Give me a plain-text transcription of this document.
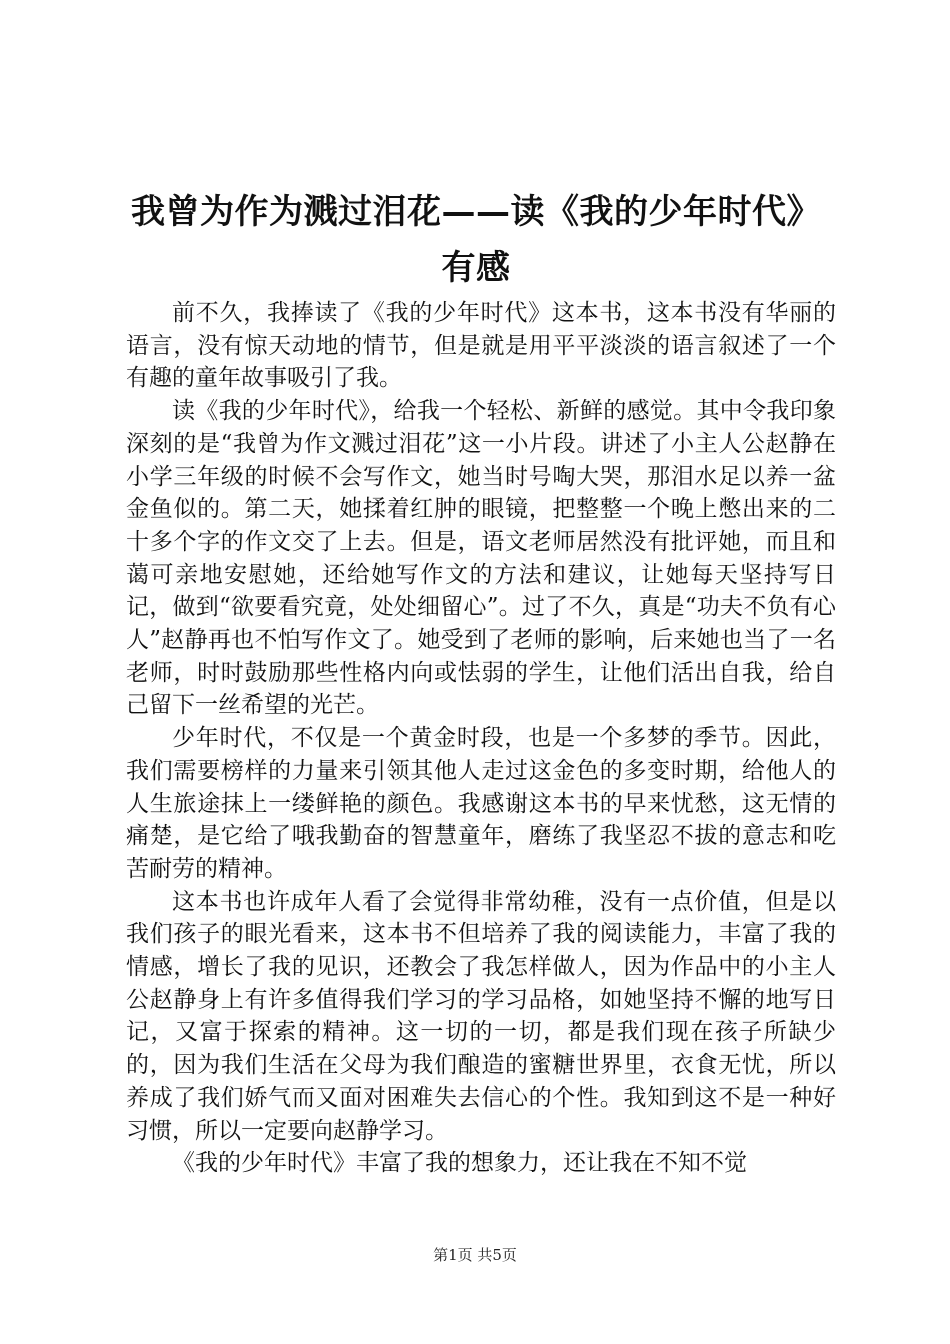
我曾为作为溅过泪花——读《我的少年时代》
有感

前不久，我捧读了《我的少年时代》这本书，这本书没有华丽的语言，没有惊天动地的情节，但是就是用平平淡淡的语言叙述了一个有趣的童年故事吸引了我。

读《我的少年时代》，给我一个轻松、新鲜的感觉。其中令我印象深刻的是“我曾为作文溅过泪花”这一小片段。讲述了小主人公赵静在小学三年级的时候不会写作文，她当时号啕大哭，那泪水足以养一盆金鱼似的。第二天，她揉着红肿的眼镜，把整整一个晚上憋出来的二十多个字的作文交了上去。但是，语文老师居然没有批评她，而且和蔼可亲地安慰她，还给她写作文的方法和建议，让她每天坚持写日记，做到“欲要看究竟，处处细留心”。过了不久，真是“功夫不负有心人”赵静再也不怕写作文了。她受到了老师的影响，后来她也当了一名老师，时时鼓励那些性格内向或怯弱的学生，让他们活出自我，给自己留下一丝希望的光芒。

少年时代，不仅是一个黄金时段，也是一个多梦的季节。因此，我们需要榜样的力量来引领其他人走过这金色的多变时期，给他人的人生旅途抹上一缕鲜艳的颜色。我感谢这本书的早来忧愁，这无情的痛楚，是它给了哦我勤奋的智慧童年，磨练了我坚忍不拔的意志和吃苦耐劳的精神。

这本书也许成年人看了会觉得非常幼稚，没有一点价值，但是以我们孩子的眼光看来，这本书不但培养了我的阅读能力，丰富了我的情感，增长了我的见识，还教会了我怎样做人，因为作品中的小主人公赵静身上有许多值得我们学习的学习品格，如她坚持不懈的地写日记，又富于探索的精神。这一切的一切，都是我们现在孩子所缺少的，因为我们生活在父母为我们酿造的蜜糖世界里，衣食无忧，所以养成了我们娇气而又面对困难失去信心的个性。我知到这不是一种好习惯，所以一定要向赵静学习。

《我的少年时代》丰富了我的想象力，还让我在不知不觉

第1页 共5页
